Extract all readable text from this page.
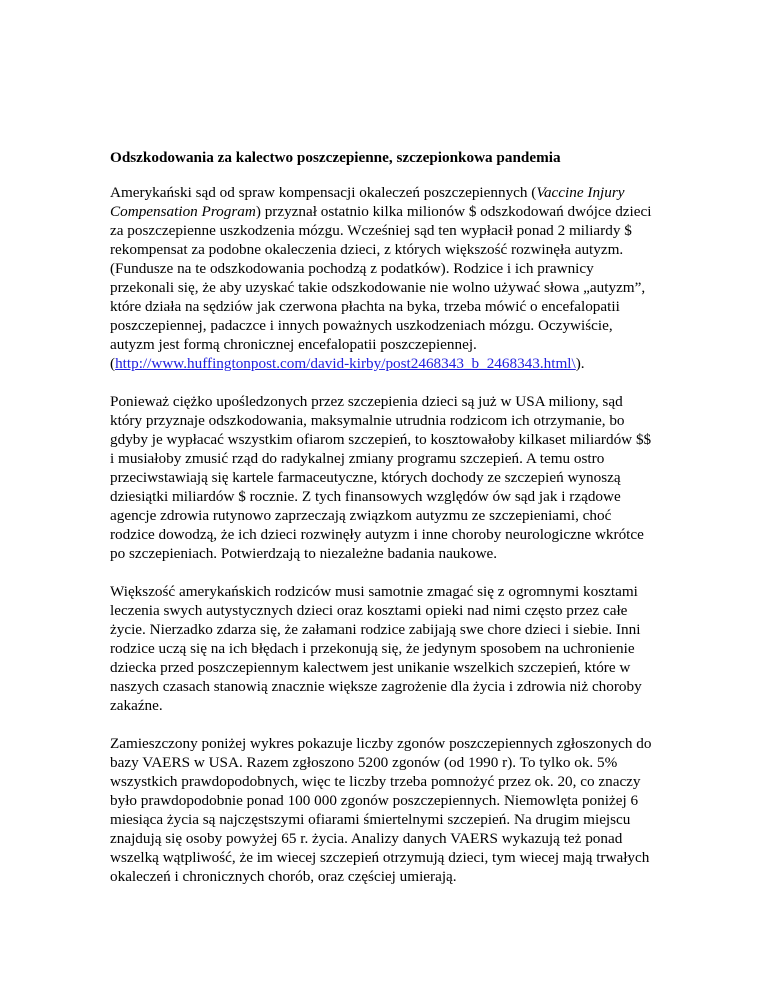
Odszkodowania za kalectwo poszczepienne, szczepionkowa pandemia
Amerykański sąd od spraw kompensacji okaleczeń poszczepiennych (Vaccine Injury
Compensation Program) przyznał ostatnio kilka milionów $ odszkodowań dwójce dzieci
za poszczepienne uszkodzenia mózgu. Wcześniej sąd ten wypłacił ponad 2 miliardy $
rekompensat za podobne okaleczenia dzieci, z których większość rozwinęła autyzm.
(Fundusze na te odszkodowania pochodzą z podatków). Rodzice i ich prawnicy
przekonali się, że aby uzyskać takie odszkodowanie nie wolno używać słowa „autyzm”,
które działa na sędziów jak czerwona płachta na byka, trzeba mówić o encefalopatii
poszczepiennej, padaczce i innych poważnych uszkodzeniach mózgu. Oczywiście,
autyzm jest formą chronicznej encefalopatii poszczepiennej.
(http://www.huffingtonpost.com/david-kirby/post2468343_b_2468343.html\).
Ponieważ ciężko upośledzonych przez szczepienia dzieci są już w USA miliony, sąd
który przyznaje odszkodowania, maksymalnie utrudnia rodzicom ich otrzymanie, bo
gdyby je wypłacać wszystkim ofiarom szczepień, to kosztowałoby kilkaset miliardów $$
i musiałoby zmusić rząd do radykalnej zmiany programu szczepień. A temu ostro
przeciwstawiają się kartele farmaceutyczne, których dochody ze szczepień wynoszą
dziesiątki miliardów $ rocznie. Z tych finansowych względów ów sąd jak i rządowe
agencje zdrowia rutynowo zaprzeczają związkom autyzmu ze szczepieniami, choć
rodzice dowodzą, że ich dzieci rozwinęły autyzm i inne choroby neurologiczne wkrótce
po szczepieniach. Potwierdzają to niezależne badania naukowe.
Większość amerykańskich rodziców musi samotnie zmagać się z ogromnymi kosztami
leczenia swych autystycznych dzieci oraz kosztami opieki nad nimi często przez całe
życie. Nierzadko zdarza się, że załamani rodzice zabijają swe chore dzieci i siebie. Inni
rodzice uczą się na ich błędach i przekonują się, że jedynym sposobem na uchronienie
dziecka przed poszczepiennym kalectwem jest unikanie wszelkich szczepień, które w
naszych czasach stanowią znacznie większe zagrożenie dla życia i zdrowia niż choroby
zakaźne.
Zamieszczony poniżej wykres pokazuje liczby zgonów poszczepiennych zgłoszonych do
bazy VAERS w USA. Razem zgłoszono 5200 zgonów (od 1990 r). To tylko ok. 5%
wszystkich prawdopodobnych, więc te liczby trzeba pomnożyć przez ok. 20, co znaczy
było prawdopodobnie ponad 100 000 zgonów poszczepiennych. Niemowlęta poniżej 6
miesiąca życia są najczęstszymi ofiarami śmiertelnymi szczepień. Na drugim miejscu
znajdują się osoby powyżej 65 r. życia. Analizy danych VAERS wykazują też ponad
wszelką wątpliwość, że im wiecej szczepień otrzymują dzieci, tym wiecej mają trwałych
okaleczeń i chronicznych chorób, oraz częściej umierają.
